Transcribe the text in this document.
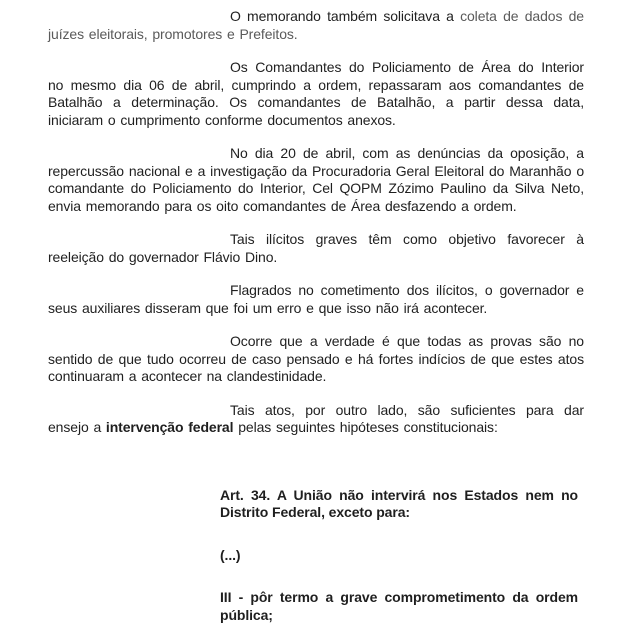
O memorando também solicitava a coleta de dados de juízes eleitorais, promotores e Prefeitos.

Os Comandantes do Policiamento de Área do Interior no mesmo dia 06 de abril, cumprindo a ordem, repassaram aos comandantes de Batalhão a determinação. Os comandantes de Batalhão, a partir dessa data, iniciaram o cumprimento conforme documentos anexos.

No dia 20 de abril, com as denúncias da oposição, a repercussão nacional e a investigação da Procuradoria Geral Eleitoral do Maranhão o comandante do Policiamento do Interior, Cel QOPM Zózimo Paulino da Silva Neto, envia memorando para os oito comandantes de Área desfazendo a ordem.

Tais ilícitos graves têm como objetivo favorecer à reeleição do governador Flávio Dino.

Flagrados no cometimento dos ilícitos, o governador e seus auxiliares disseram que foi um erro e que isso não irá acontecer.

Ocorre que a verdade é que todas as provas são no sentido de que tudo ocorreu de caso pensado e há fortes indícios de que estes atos continuaram a acontecer na clandestinidade.

Tais atos, por outro lado, são suficientes para dar ensejo a intervenção federal pelas seguintes hipóteses constitucionais:

Art. 34. A União não intervirá nos Estados nem no Distrito Federal, exceto para:

(...)

III - pôr termo a grave comprometimento da ordem pública;
